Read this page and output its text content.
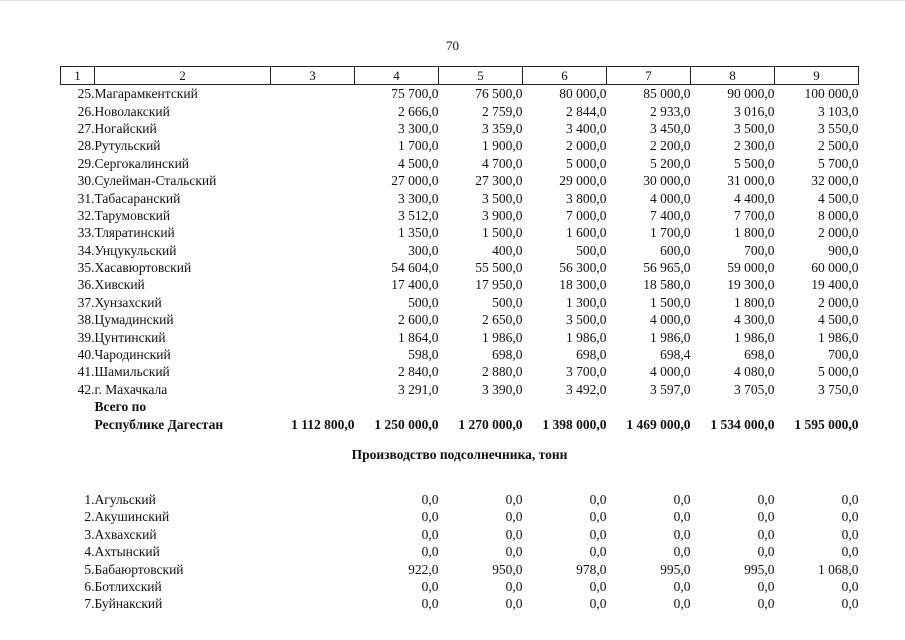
70
1	2	3	4	5	6	7	8	9
25.	Магарамкентский		75 700,0	76 500,0	80 000,0	85 000,0	90 000,0	100 000,0
26.	Новолакский		2 666,0	2 759,0	2 844,0	2 933,0	3 016,0	3 103,0
27.	Ногайский		3 300,0	3 359,0	3 400,0	3 450,0	3 500,0	3 550,0
28.	Рутульский		1 700,0	1 900,0	2 000,0	2 200,0	2 300,0	2 500,0
29.	Сергокалинский		4 500,0	4 700,0	5 000,0	5 200,0	5 500,0	5 700,0
30.	Сулейман-Стальский		27 000,0	27 300,0	29 000,0	30 000,0	31 000,0	32 000,0
31.	Табасаранский		3 300,0	3 500,0	3 800,0	4 000,0	4 400,0	4 500,0
32.	Тарумовский		3 512,0	3 900,0	7 000,0	7 400,0	7 700,0	8 000,0
33.	Тляратинский		1 350,0	1 500,0	1 600,0	1 700,0	1 800,0	2 000,0
34.	Унцукульский		300,0	400,0	500,0	600,0	700,0	900,0
35.	Хасавюртовский		54 604,0	55 500,0	56 300,0	56 965,0	59 000,0	60 000,0
36.	Хивский		17 400,0	17 950,0	18 300,0	18 580,0	19 300,0	19 400,0
37.	Хунзахский		500,0	500,0	1 300,0	1 500,0	1 800,0	2 000,0
38.	Цумадинский		2 600,0	2 650,0	3 500,0	4 000,0	4 300,0	4 500,0
39.	Цунтинский		1 864,0	1 986,0	1 986,0	1 986,0	1 986,0	1 986,0
40.	Чародинский		598,0	698,0	698,0	698,4	698,0	700,0
41.	Шамильский		2 840,0	2 880,0	3 700,0	4 000,0	4 080,0	5 000,0
42.	г. Махачкала		3 291,0	3 390,0	3 492,0	3 597,0	3 705,0	3 750,0
	Всего по							
	Республике Дагестан	1 112 800,0	1 250 000,0	1 270 000,0	1 398 000,0	1 469 000,0	1 534 000,0	1 595 000,0
Производство подсолнечника, тонн								

1.	Агульский		0,0	0,0	0,0	0,0	0,0	0,0
2.	Акушинский		0,0	0,0	0,0	0,0	0,0	0,0
3.	Ахвахский		0,0	0,0	0,0	0,0	0,0	0,0
4.	Ахтынский		0,0	0,0	0,0	0,0	0,0	0,0
5.	Бабаюртовский		922,0	950,0	978,0	995,0	995,0	1 068,0
6.	Ботлихский		0,0	0,0	0,0	0,0	0,0	0,0
7.	Буйнакский		0,0	0,0	0,0	0,0	0,0	0,0
